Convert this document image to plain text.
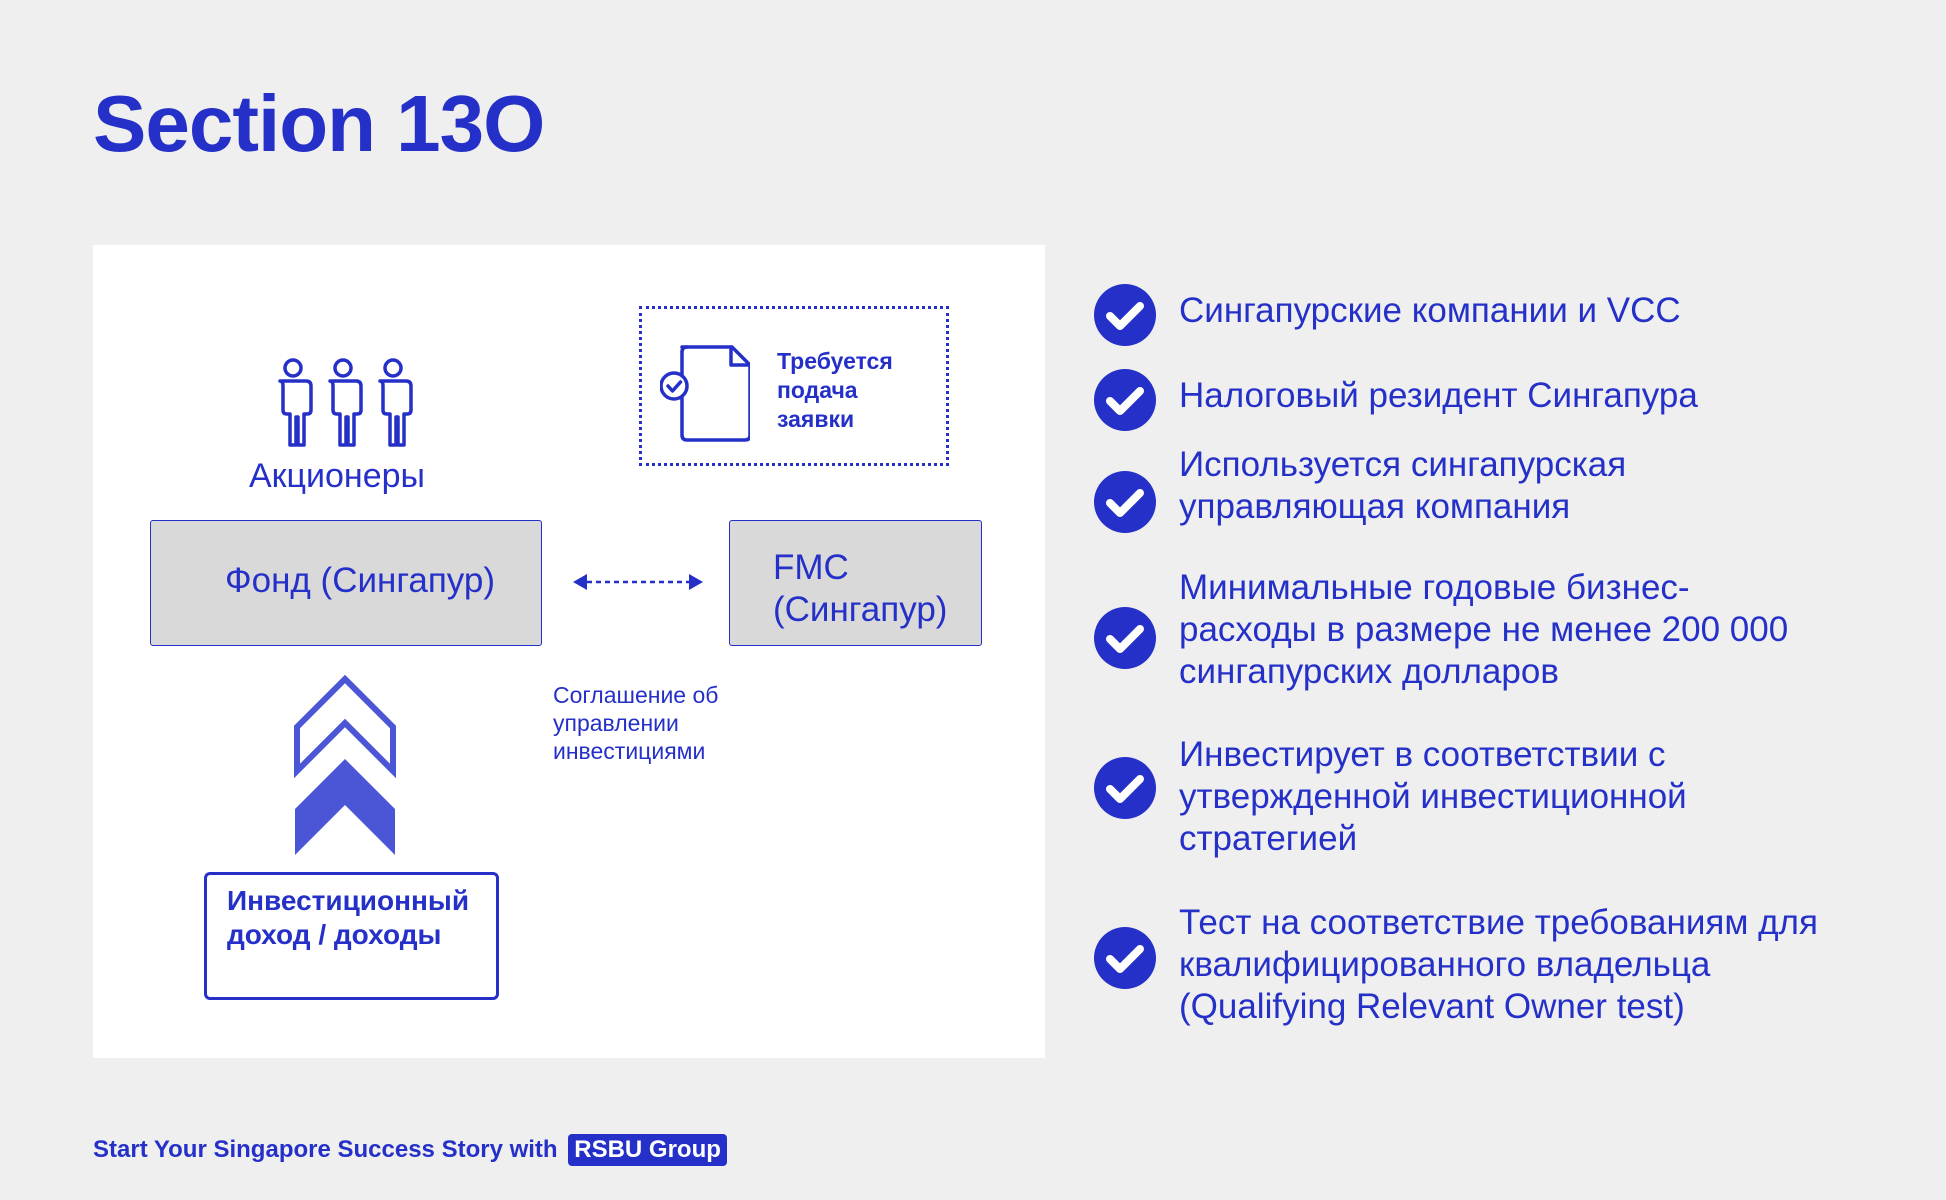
Section 13O
Акционеры
Требуется подача заявки
Фонд (Сингапур)	FMC (Сингапур)
Соглашение об управлении инвестициями
Инвестиционный доход / доходы
Сингапурские компании и VCC
Налоговый резидент Сингапура
Используется сингапурская
управляющая компания
Минимальные годовые бизнес-
расходы в размере не менее 200 000
сингапурских долларов
Инвестирует в соответствии с
утвержденной инвестиционной
стратегией
Тест на соответствие требованиям для
квалифицированного владельца
(Qualifying Relevant Owner test)
Start Your Singapore Success Story with RSBU Group
